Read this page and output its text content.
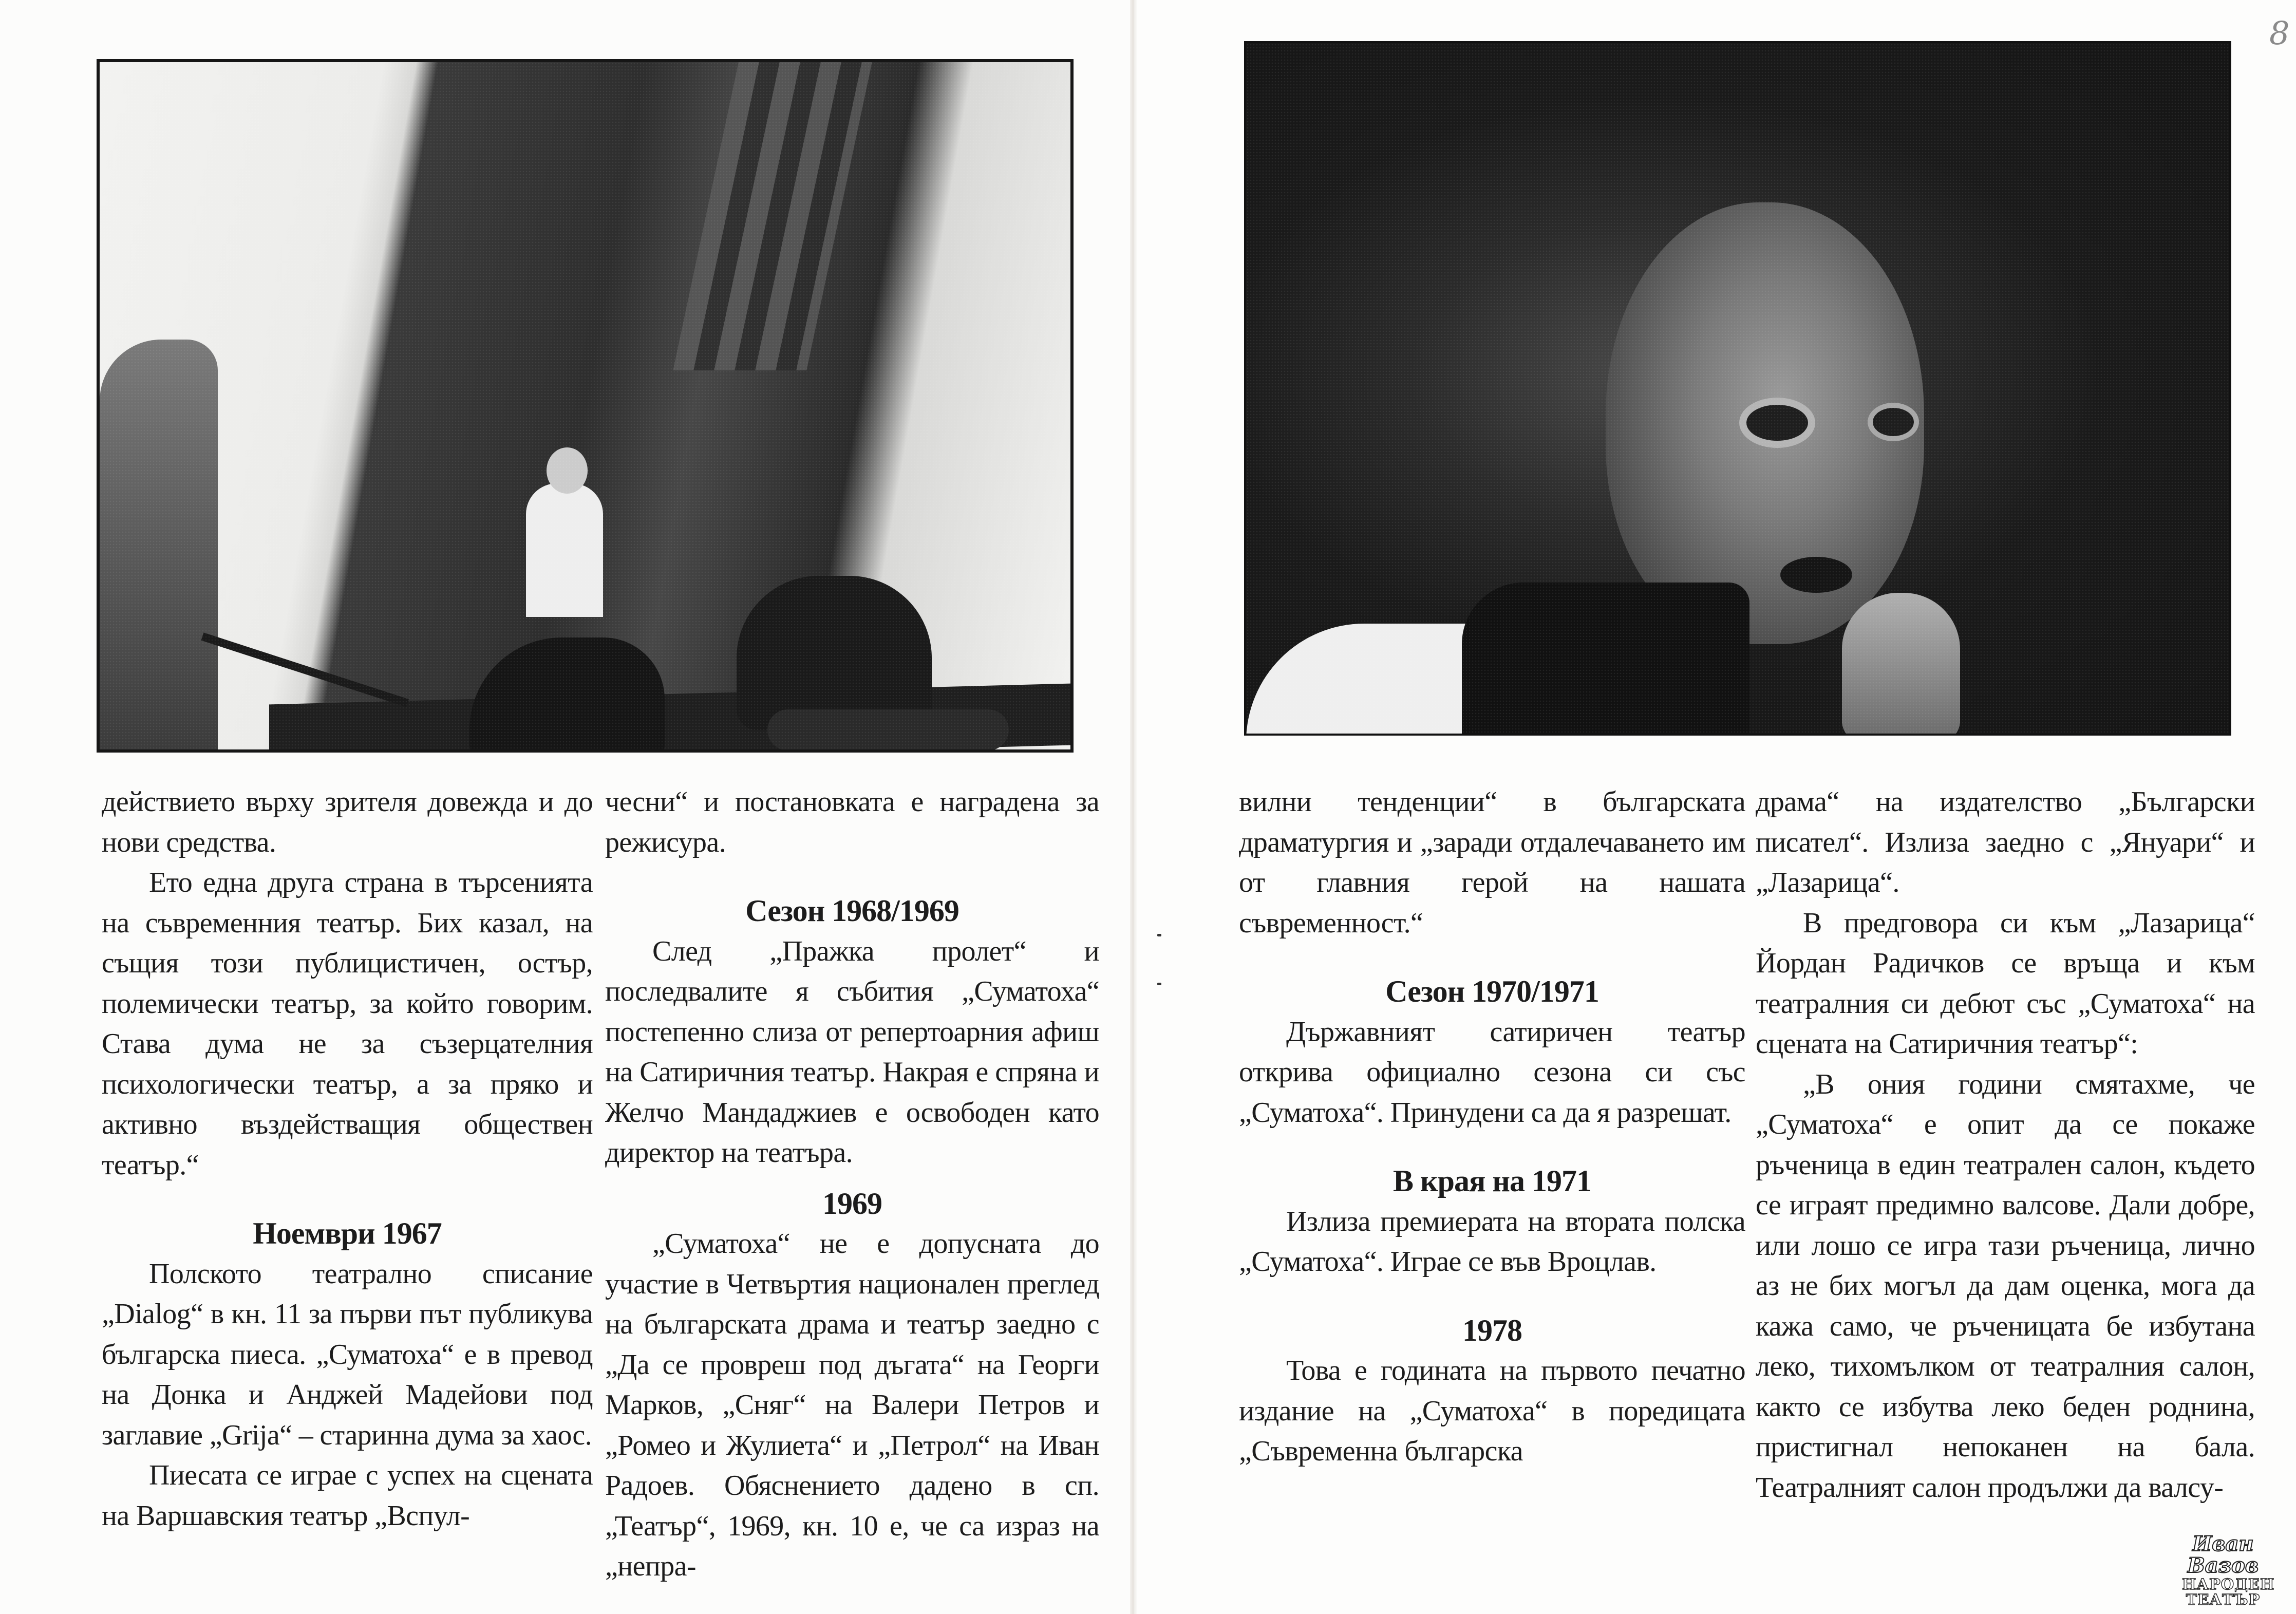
8

действието върху зрителя довежда и до нови средства.

Ето една друга страна в търсенията на съвременния театър. Бих казал, на същия този публицистичен, остър, полемически театър, за който говорим. Става дума не за съзерцателния психологически театър, а за пряко и активно въздействащия обществен театър.“

Ноември 1967

Полското театрално списание „Dialog“ в кн. 11 за първи път публикува българска пиеса. „Суматоха“ е в превод на Донка и Анджей Мадейови под заглавие „Grija“ – старинна дума за хаос.

Пиесата се играе с успех на сцената на Варшавския театър „Вспул-

чесни“ и постановката е наградена за режисура.

Сезон 1968/1969

След „Пражка пролет“ и последвалите я събития „Суматоха“ постепенно слиза от репертоарния афиш на Сатиричния театър. Накрая е спряна и Желчо Мандаджиев е освободен като директор на театъра.

1969

„Суматоха“ не е допусната до участие в Четвъртия национален преглед на българската драма и театър заедно с „Да се провреш под дъгата“ на Георги Марков, „Сняг“ на Валери Петров и „Ромео и Жулиета“ и „Петрол“ на Иван Радоев. Обяснението дадено в сп. „Театър“, 1969, кн. 10 е, че са израз на „непра-

вилни тенденции“ в българската драматургия и „заради отдалечаването им от главния герой на нашата съвременност.“

Сезон 1970/1971

Държавният сатиричен театър открива официално сезона си със „Суматоха“. Принудени са да я разрешат.

В края на 1971

Излиза премиерата на втората полска „Суматоха“. Играе се във Вроцлав.

1978

Това е годината на първото печатно издание на „Суматоха“ в поредицата „Съвременна българска

драма“ на издателство „Български писател“. Излиза заедно с „Януари“ и „Лазарица“.

В предговора си към „Лазарица“ Йордан Радичков се връща и към театралния си дебют със „Суматоха“ на сцената на Сатиричния театър“:

„В ония години смятахме, че „Суматоха“ е опит да се покаже ръченица в един театрален салон, където се играят предимно валсове. Дали добре, или лошо се игра тази ръченица, лично аз не бих могъл да дам оценка, мога да кажа само, че ръченицата бе избутана леко, тихомълком от театралния салон, както се избутва леко беден роднина, пристигнал непоканен на бала. Театралният салон продължи да валсу-

Иван Вазов
НАРОДЕН
ТЕАТЪР
